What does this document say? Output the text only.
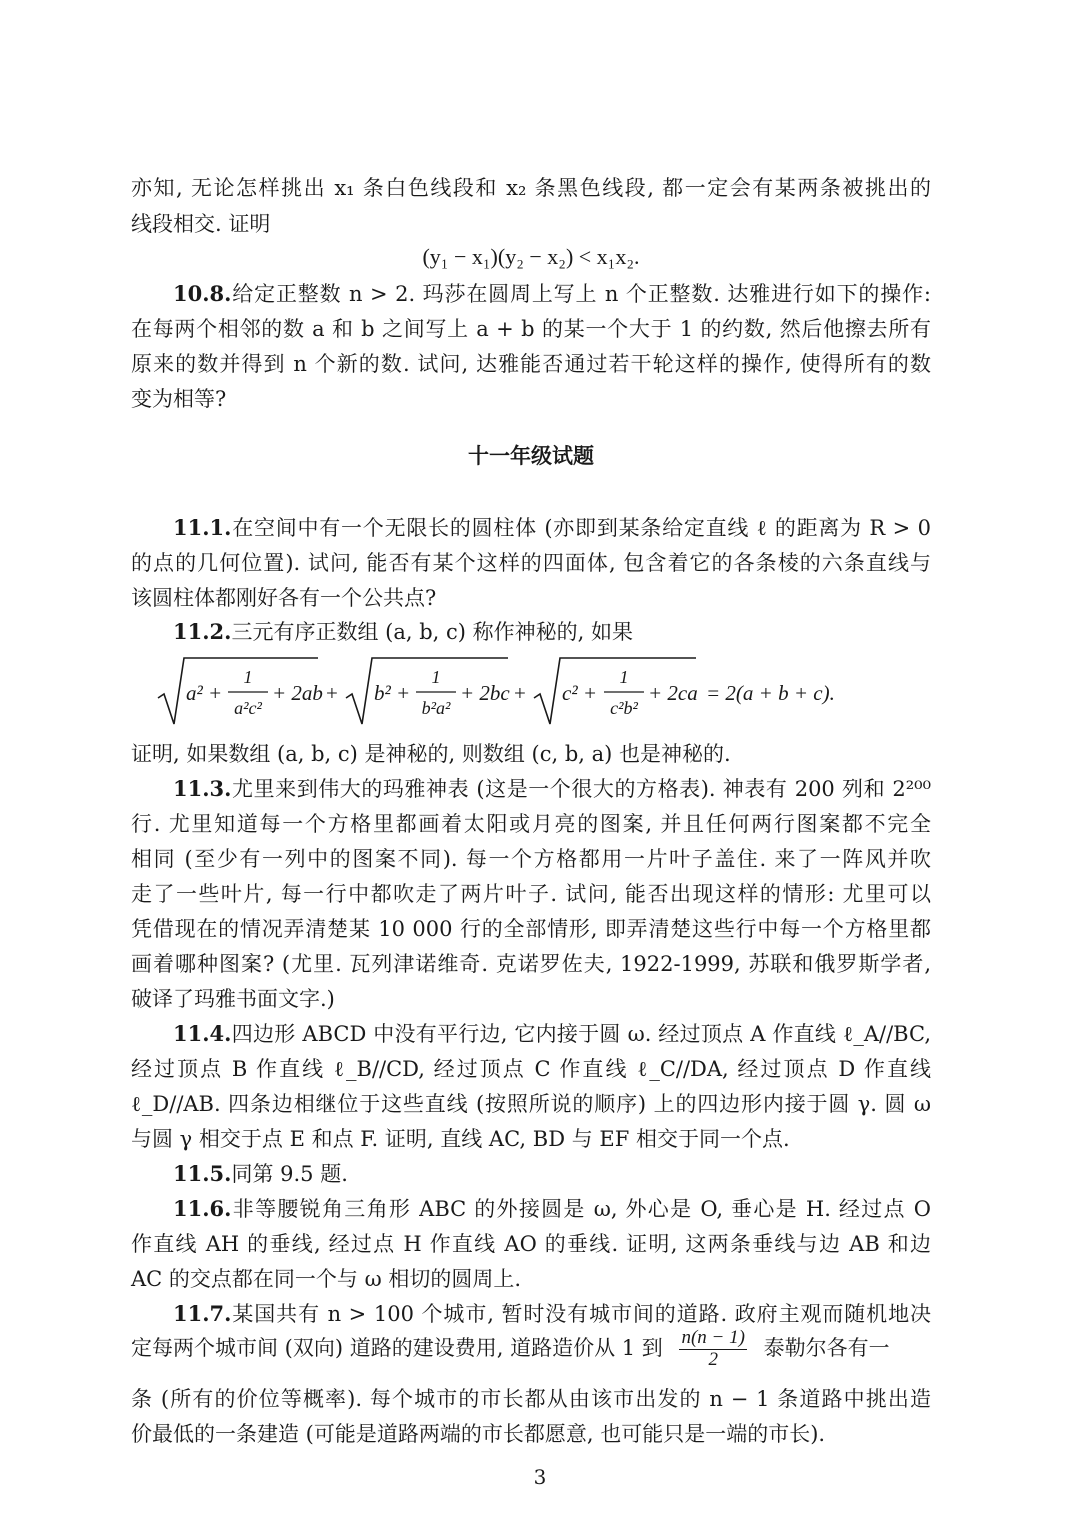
亦知, 无论怎样挑出 x₁ 条白色线段和 x₂ 条黑色线段, 都一定会有某两条被挑出的
线段相交. 证明
(y₁ − x₁)(y₂ − x₂) < x₁x₂.
10.8.给定正整数 n > 2. 玛莎在圆周上写上 n 个正整数. 达雅进行如下的操作:
在每两个相邻的数 a 和 b 之间写上 a + b 的某一个大于 1 的约数, 然后他擦去所有
原来的数并得到 n 个新的数. 试问, 达雅能否通过若干轮这样的操作, 使得所有的数
变为相等?
十一年级试题
11.1.在空间中有一个无限长的圆柱体 (亦即到某条给定直线 ℓ 的距离为 R > 0
的点的几何位置). 试问, 能否有某个这样的四面体, 包含着它的各条棱的六条直线与
该圆柱体都刚好各有一个公共点?
11.2.三元有序正数组 (a, b, c) 称作神秘的, 如果
a² +
1
a²c²
+ 2ab + b² +
1
b²a²
+ 2bc + c² +
1
c²b²
+ 2ca = 2(a + b + c).
证明, 如果数组 (a, b, c) 是神秘的, 则数组 (c, b, a) 也是神秘的.
11.3.尤里来到伟大的玛雅神表 (这是一个很大的方格表). 神表有 200 列和 2²⁰⁰
行. 尤里知道每一个方格里都画着太阳或月亮的图案, 并且任何两行图案都不完全
相同 (至少有一列中的图案不同). 每一个方格都用一片叶子盖住. 来了一阵风并吹
走了一些叶片, 每一行中都吹走了两片叶子. 试问, 能否出现这样的情形: 尤里可以
凭借现在的情况弄清楚某 10 000 行的全部情形, 即弄清楚这些行中每一个方格里都
画着哪种图案? (尤里. 瓦列津诺维奇. 克诺罗佐夫, 1922-1999, 苏联和俄罗斯学者,
破译了玛雅书面文字.)
11.4.四边形 ABCD 中没有平行边, 它内接于圆 ω. 经过顶点 A 作直线 ℓ_A//BC,
经过顶点 B 作直线 ℓ_B//CD, 经过顶点 C 作直线 ℓ_C//DA, 经过顶点 D 作直线
ℓ_D//AB. 四条边相继位于这些直线 (按照所说的顺序) 上的四边形内接于圆 γ. 圆 ω
与圆 γ 相交于点 E 和点 F. 证明, 直线 AC, BD 与 EF 相交于同一个点.
11.5.同第 9.5 题.
11.6.非等腰锐角三角形 ABC 的外接圆是 ω, 外心是 O, 垂心是 H. 经过点 O
作直线 AH 的垂线, 经过点 H 作直线 AO 的垂线. 证明, 这两条垂线与边 AB 和边
AC 的交点都在同一个与 ω 相切的圆周上.
11.7.某国共有 n > 100 个城市, 暂时没有城市间的道路. 政府主观而随机地决
定每两个城市间 (双向) 道路的建设费用, 道路造价从 1 到 $\frac{n(n - 1)}{2}$ 泰勒尔各有一
条 (所有的价位等概率). 每个城市的市长都从由该市出发的 n − 1 条道路中挑出造
价最低的一条建造 (可能是道路两端的市长都愿意, 也可能只是一端的市长).
3
